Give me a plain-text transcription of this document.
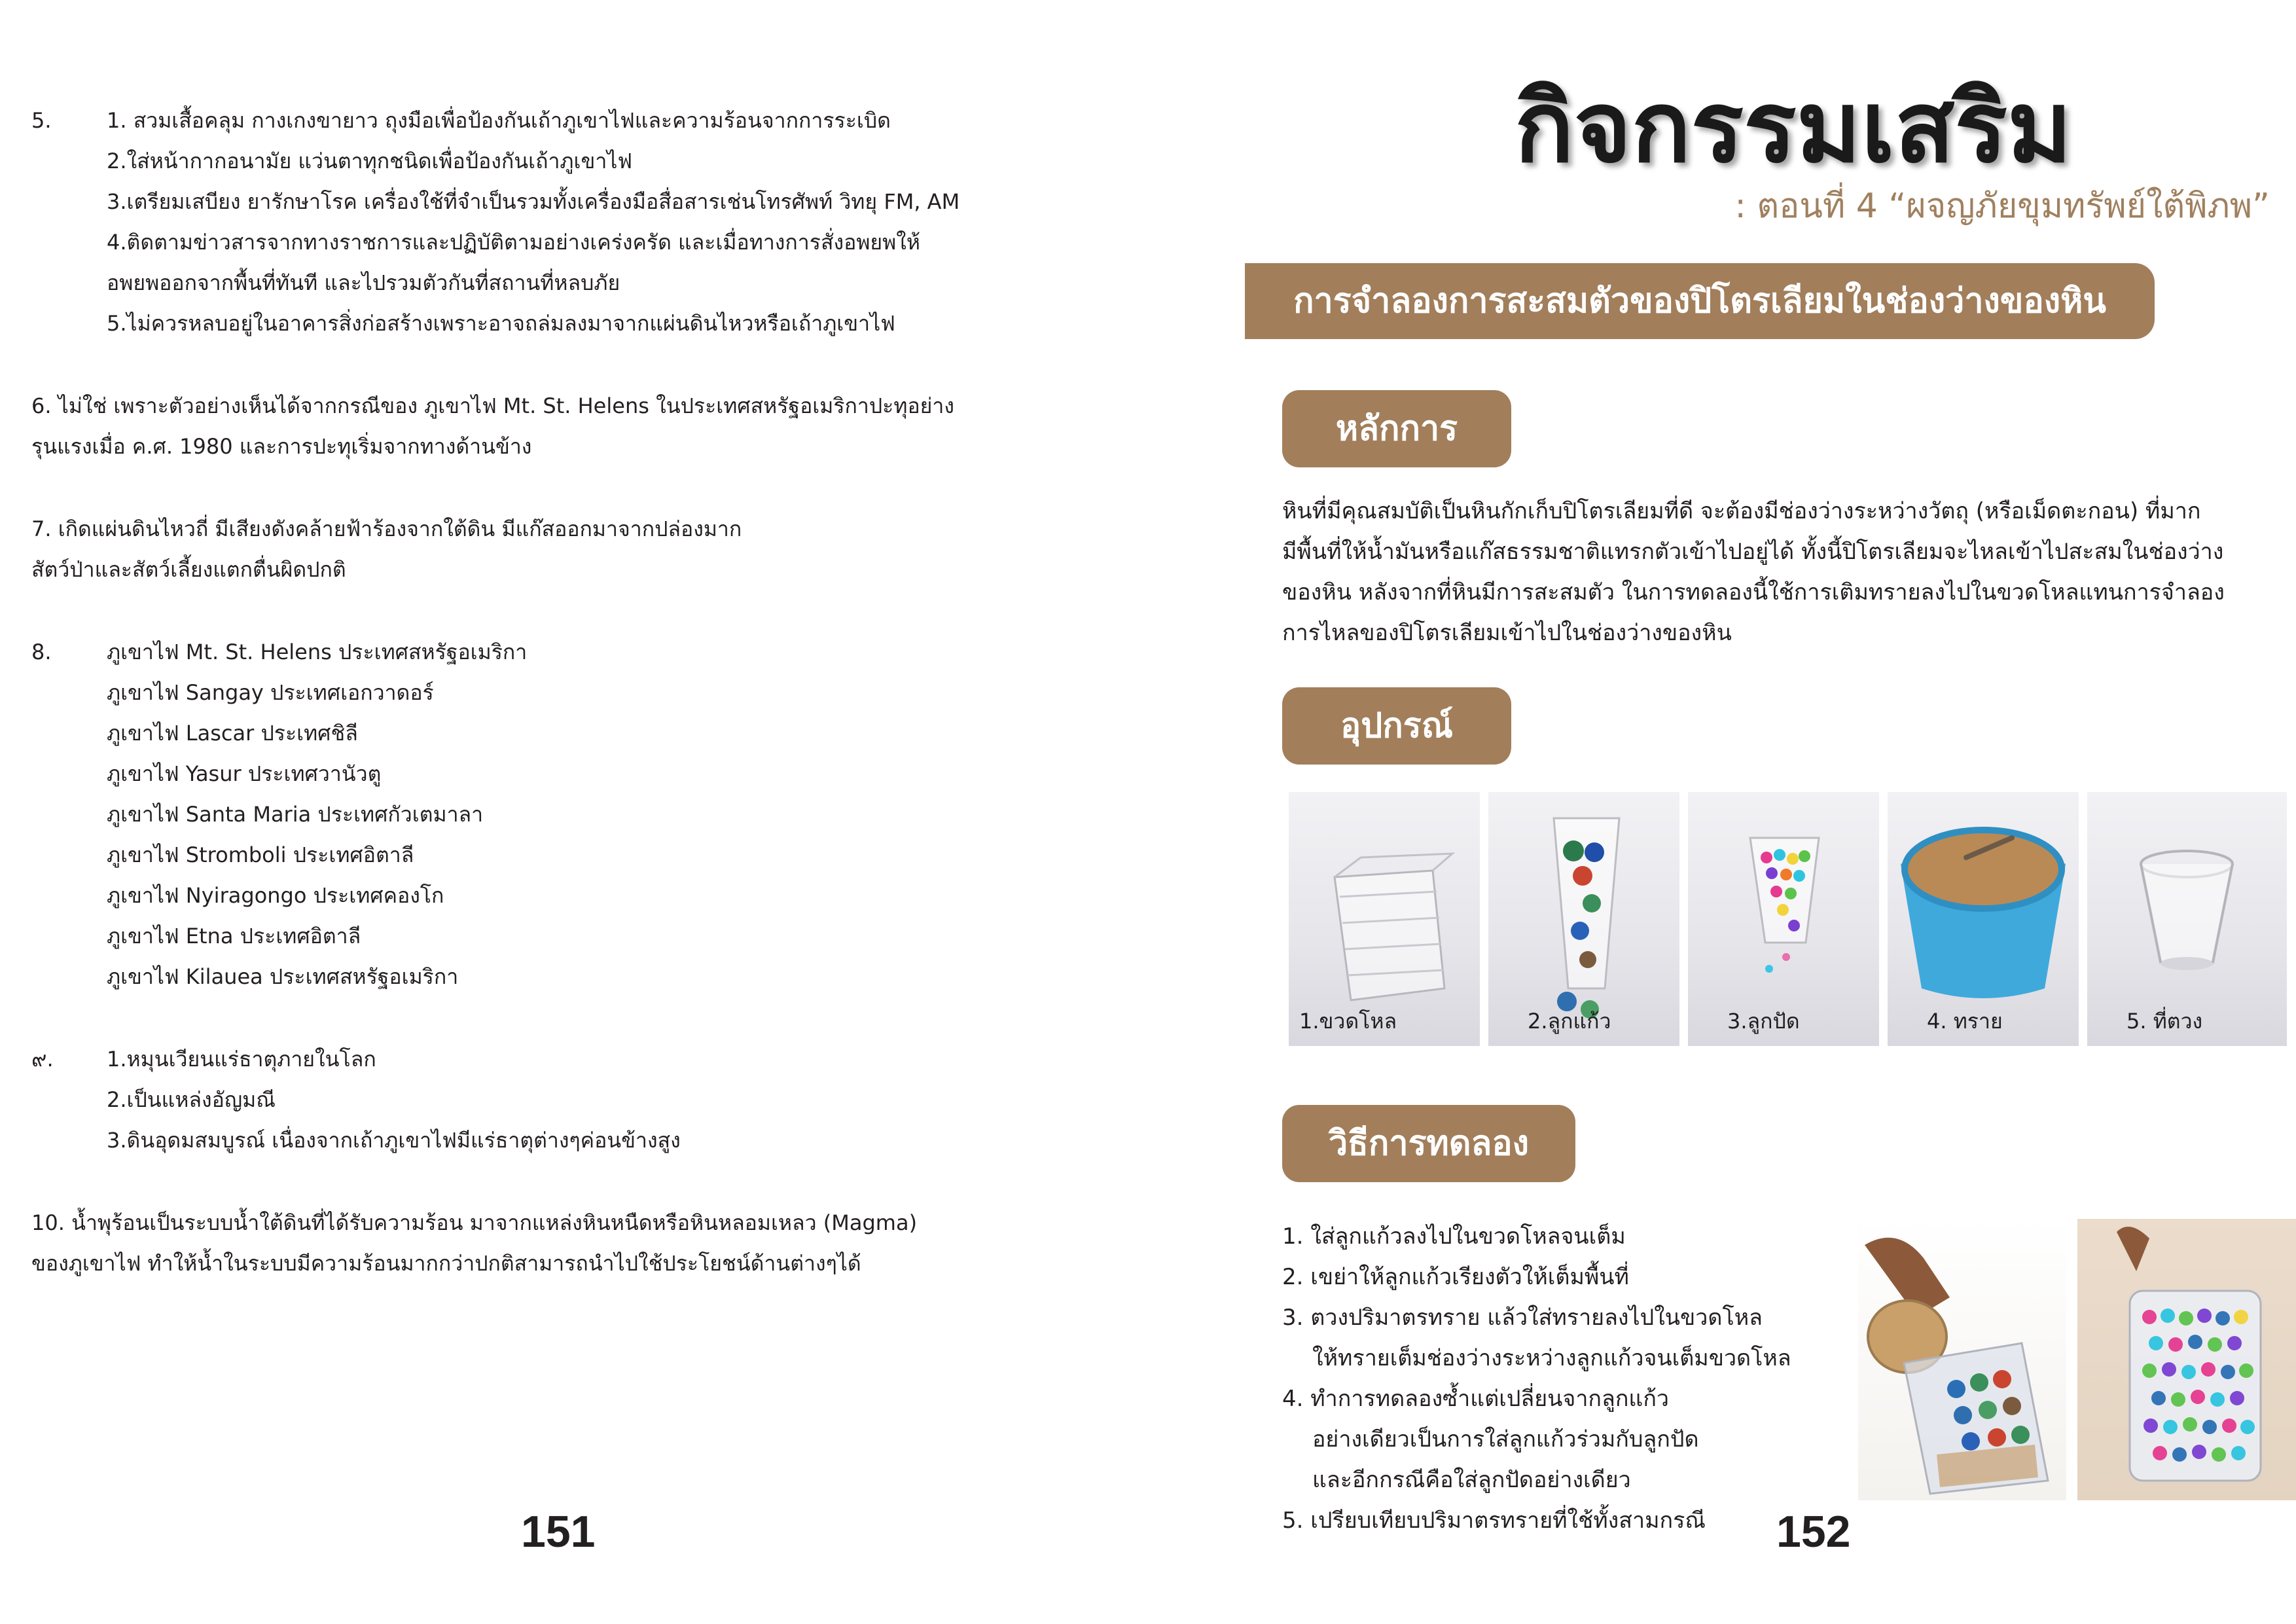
5.	1. สวมเสื้อคลุม กางเกงขายาว ถุงมือเพื่อป้องกันเถ้าภูเขาไฟและความร้อนจากการระเบิด
2.ใส่หน้ากากอนามัย แว่นตาทุกชนิดเพื่อป้องกันเถ้าภูเขาไฟ
3.เตรียมเสบียง ยารักษาโรค เครื่องใช้ที่จำเป็นรวมทั้งเครื่องมือสื่อสารเช่นโทรศัพท์ วิทยุ FM, AM
4.ติดตามข่าวสารจากทางราชการและปฏิบัติตามอย่างเคร่งครัด และเมื่อทางการสั่งอพยพให้
อพยพออกจากพื้นที่ทันที และไปรวมตัวกันที่สถานที่หลบภัย
5.ไม่ควรหลบอยู่ในอาคารสิ่งก่อสร้างเพราะอาจถล่มลงมาจากแผ่นดินไหวหรือเถ้าภูเขาไฟ
6. ไม่ใช่ เพราะตัวอย่างเห็นได้จากกรณีของ ภูเขาไฟ Mt. St. Helens ในประเทศสหรัฐอเมริกาปะทุอย่าง
รุนแรงเมื่อ ค.ศ. 1980 และการปะทุเริ่มจากทางด้านข้าง
7. เกิดแผ่นดินไหวถี่ มีเสียงดังคล้ายฟ้าร้องจากใต้ดิน มีแก๊สออกมาจากปล่องมาก
สัตว์ป่าและสัตว์เลี้ยงแตกตื่นผิดปกติ
8.	ภูเขาไฟ Mt. St. Helens ประเทศสหรัฐอเมริกา
ภูเขาไฟ Sangay ประเทศเอกวาดอร์
ภูเขาไฟ Lascar ประเทศชิลี
ภูเขาไฟ Yasur ประเทศวานัวตู
ภูเขาไฟ Santa Maria ประเทศกัวเตมาลา
ภูเขาไฟ Stromboli ประเทศอิตาลี
ภูเขาไฟ Nyiragongo ประเทศคองโก
ภูเขาไฟ Etna ประเทศอิตาลี
ภูเขาไฟ Kilauea ประเทศสหรัฐอเมริกา
๙.	1.หมุนเวียนแร่ธาตุภายในโลก
2.เป็นแหล่งอัญมณี
3.ดินอุดมสมบูรณ์ เนื่องจากเถ้าภูเขาไฟมีแร่ธาตุต่างๆค่อนข้างสูง
10. น้ำพุร้อนเป็นระบบน้ำใต้ดินที่ได้รับความร้อน มาจากแหล่งหินหนืดหรือหินหลอมเหลว (Magma)
ของภูเขาไฟ ทำให้น้ำในระบบมีความร้อนมากกว่าปกติสามารถนำไปใช้ประโยชน์ด้านต่างๆได้
151
กิจกรรมเสริม
: ตอนที่ 4 “ผจญภัยขุมทรัพย์ใต้พิภพ”
การจำลองการสะสมตัวของปิโตรเลียมในช่องว่างของหิน
หลักการ
หินที่มีคุณสมบัติเป็นหินกักเก็บปิโตรเลียมที่ดี จะต้องมีช่องว่างระหว่างวัตถุ (หรือเม็ดตะกอน) ที่มาก
มีพื้นที่ให้น้ำมันหรือแก๊สธรรมชาติแทรกตัวเข้าไปอยู่ได้ ทั้งนี้ปิโตรเลียมจะไหลเข้าไปสะสมในช่องว่าง
ของหิน หลังจากที่หินมีการสะสมตัว ในการทดลองนี้ใช้การเติมทรายลงไปในขวดโหลแทนการจำลอง
การไหลของปิโตรเลียมเข้าไปในช่องว่างของหิน
อุปกรณ์
1.ขวดโหล	2.ลูกแก้ว	3.ลูกปัด	4. ทราย	5. ที่ตวง
วิธีการทดลอง
1. ใส่ลูกแก้วลงไปในขวดโหลจนเต็ม
2. เขย่าให้ลูกแก้วเรียงตัวให้เต็มพื้นที่
3. ตวงปริมาตรทราย แล้วใส่ทรายลงไปในขวดโหล
ให้ทรายเต็มช่องว่างระหว่างลูกแก้วจนเต็มขวดโหล
4. ทำการทดลองซ้ำแต่เปลี่ยนจากลูกแก้ว
อย่างเดียวเป็นการใส่ลูกแก้วร่วมกับลูกปัด
และอีกกรณีคือใส่ลูกปัดอย่างเดียว
5. เปรียบเทียบปริมาตรทรายที่ใช้ทั้งสามกรณี	152
